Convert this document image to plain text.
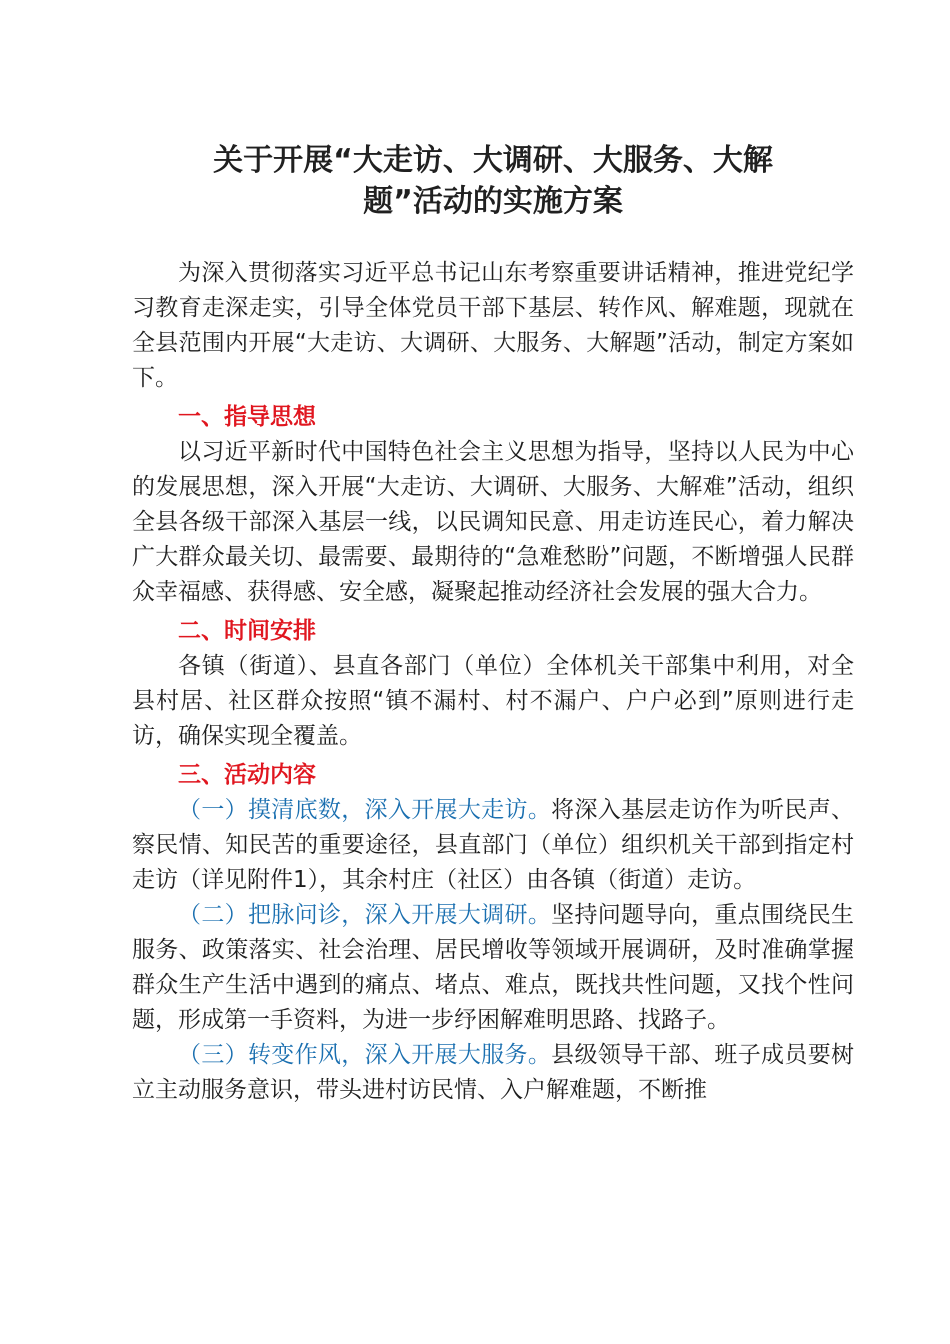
关于开展“大走访、大调研、大服务、大解
题”活动的实施方案

为深入贯彻落实习近平总书记山东考察重要讲话精神，推进党纪学习教育走深走实，引导全体党员干部下基层、转作风、解难题，现就在全县范围内开展“大走访、大调研、大服务、大解题”活动，制定方案如下。

一、指导思想

以习近平新时代中国特色社会主义思想为指导，坚持以人民为中心的发展思想，深入开展“大走访、大调研、大服务、大解难”活动，组织全县各级干部深入基层一线，以民调知民意、用走访连民心，着力解决广大群众最关切、最需要、最期待的“急难愁盼”问题，不断增强人民群众幸福感、获得感、安全感，凝聚起推动经济社会发展的强大合力。

二、时间安排

各镇（街道）、县直各部门（单位）全体机关干部集中利用，对全县村居、社区群众按照“镇不漏村、村不漏户、户户必到”原则进行走访，确保实现全覆盖。

三、活动内容

（一）摸清底数，深入开展大走访。将深入基层走访作为听民声、察民情、知民苦的重要途径，县直部门（单位）组织机关干部到指定村走访（详见附件1），其余村庄（社区）由各镇（街道）走访。

（二）把脉问诊，深入开展大调研。坚持问题导向，重点围绕民生服务、政策落实、社会治理、居民增收等领域开展调研，及时准确掌握群众生产生活中遇到的痛点、堵点、难点，既找共性问题，又找个性问题，形成第一手资料，为进一步纾困解难明思路、找路子。

（三）转变作风，深入开展大服务。县级领导干部、班子成员要树立主动服务意识，带头进村访民情、入户解难题，不断推
